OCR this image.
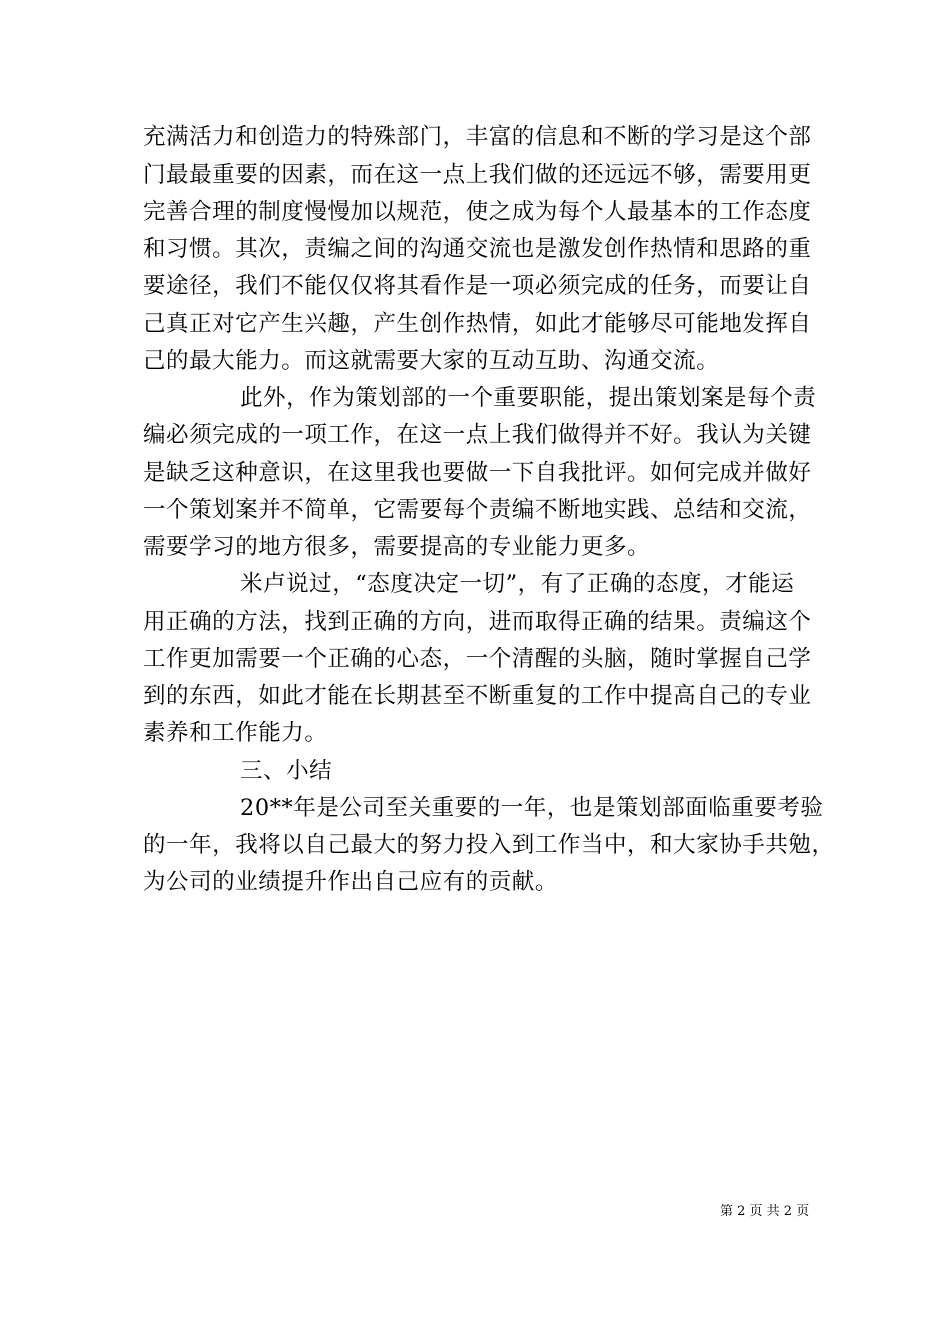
充满活力和创造力的特殊部门，丰富的信息和不断的学习是这个部
门最最重要的因素，而在这一点上我们做的还远远不够，需要用更
完善合理的制度慢慢加以规范，使之成为每个人最基本的工作态度
和习惯。其次，责编之间的沟通交流也是激发创作热情和思路的重
要途径，我们不能仅仅将其看作是一项必须完成的任务，而要让自
己真正对它产生兴趣，产生创作热情，如此才能够尽可能地发挥自
己的最大能力。而这就需要大家的互动互助、沟通交流。
此外，作为策划部的一个重要职能，提出策划案是每个责
编必须完成的一项工作，在这一点上我们做得并不好。我认为关键
是缺乏这种意识，在这里我也要做一下自我批评。如何完成并做好
一个策划案并不简单，它需要每个责编不断地实践、总结和交流，
需要学习的地方很多，需要提高的专业能力更多。
米卢说过，“态度决定一切”，有了正确的态度，才能运
用正确的方法，找到正确的方向，进而取得正确的结果。责编这个
工作更加需要一个正确的心态，一个清醒的头脑，随时掌握自己学
到的东西，如此才能在长期甚至不断重复的工作中提高自己的专业
素养和工作能力。
三、小结
20**年是公司至关重要的一年，也是策划部面临重要考验
的一年，我将以自己最大的努力投入到工作当中，和大家协手共勉，
为公司的业绩提升作出自己应有的贡献。
第 2 页 共 2 页
